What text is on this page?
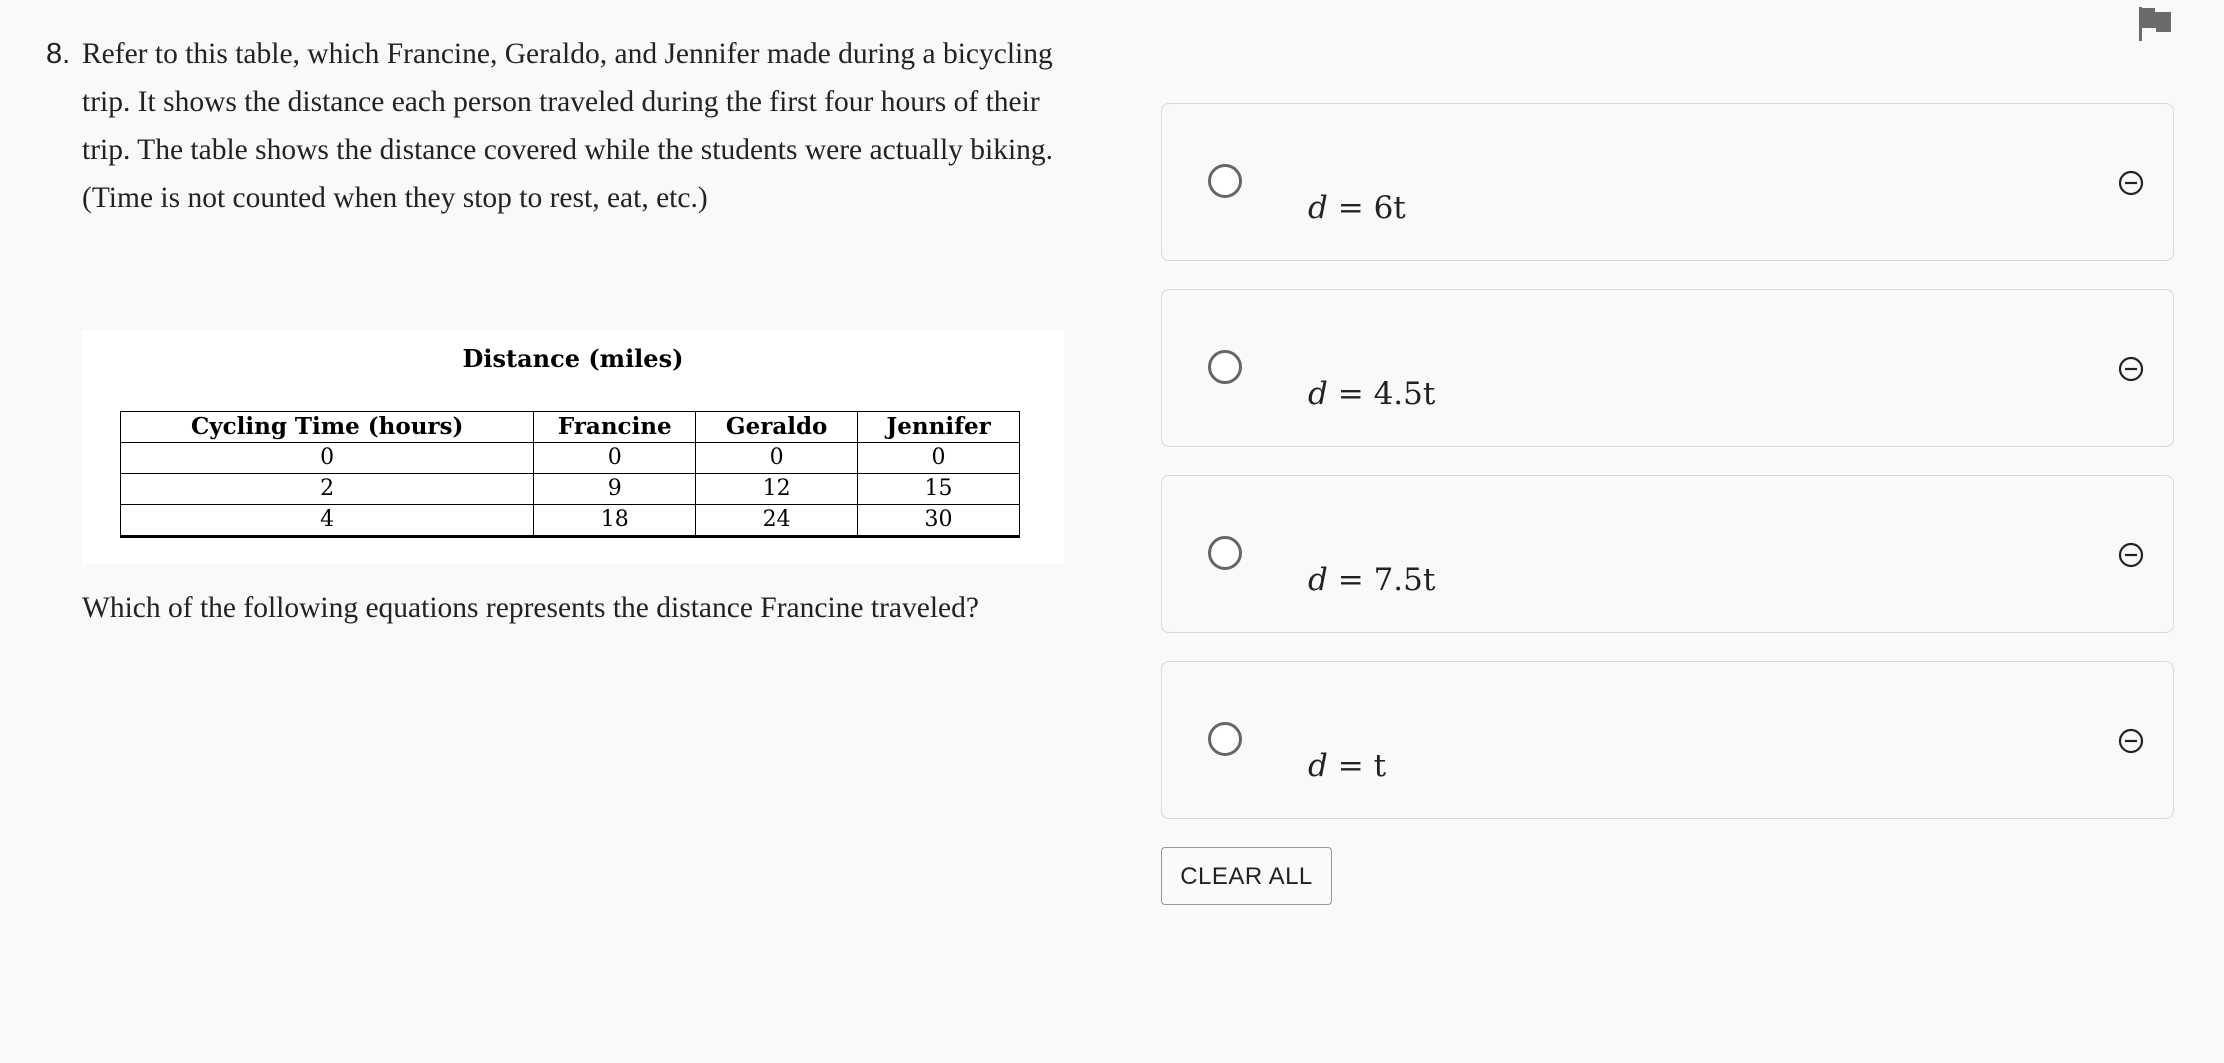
8. Refer to this table, which Francine, Geraldo, and Jennifer made during a bicycling trip. It shows the distance each person traveled during the first four hours of their trip. The table shows the distance covered while the students were actually biking. (Time is not counted when they stop to rest, eat, etc.)
Distance (miles)
Cycling Time (hours)	Francine	Geraldo	Jennifer
0	0	0	0
2	9	12	15
4	18	24	30
Which of the following equations represents the distance Francine traveled?
d = 6t
d = 4.5t
d = 7.5t
d = t
CLEAR ALL
